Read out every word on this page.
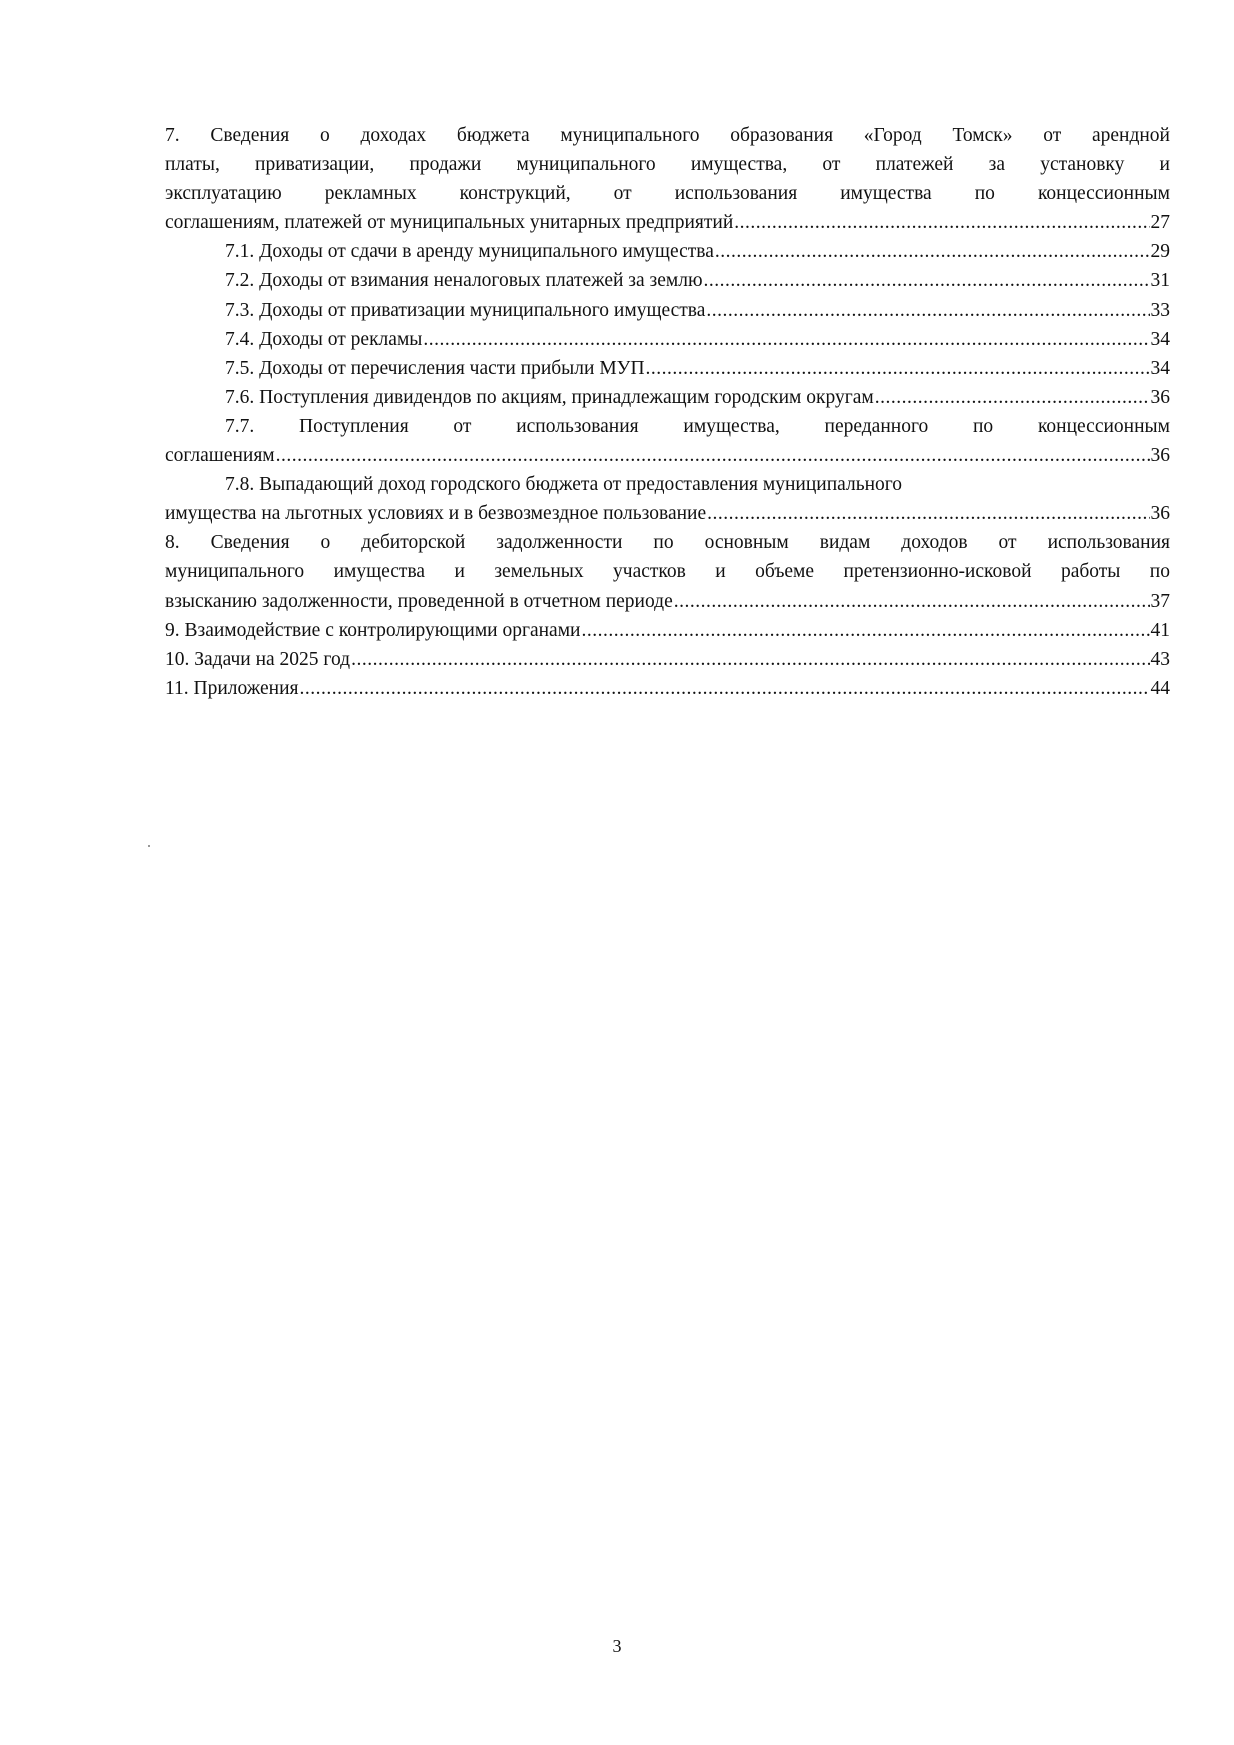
7. Сведения о доходах бюджета муниципального образования «Город Томск» от арендной
платы, приватизации, продажи муниципального имущества, от платежей за установку и
эксплуатацию рекламных конструкций, от использования имущества по концессионным
соглашениям, платежей от муниципальных унитарных предприятий .....	27
7.1. Доходы от сдачи в аренду муниципального имущества .....	29
7.2. Доходы от взимания неналоговых платежей за землю .....	31
7.3. Доходы от приватизации муниципального имущества .....	33
7.4. Доходы от рекламы .....	34
7.5. Доходы от перечисления части прибыли МУП .....	34
7.6. Поступления дивидендов по акциям, принадлежащим городским округам .....	36
7.7. Поступления от использования имущества, переданного по концессионным
соглашениям .....	36
7.8. Выпадающий доход городского бюджета от предоставления муниципального
имущества на льготных условиях и в безвозмездное пользование .....	36
8. Сведения о дебиторской задолженности по основным видам доходов от использования
муниципального имущества и земельных участков и объеме претензионно-исковой работы по
взысканию задолженности, проведенной в отчетном периоде .....	37
9. Взаимодействие с контролирующими органами .....	41
10. Задачи на 2025 год .....	43
11. Приложения .....	44
3
